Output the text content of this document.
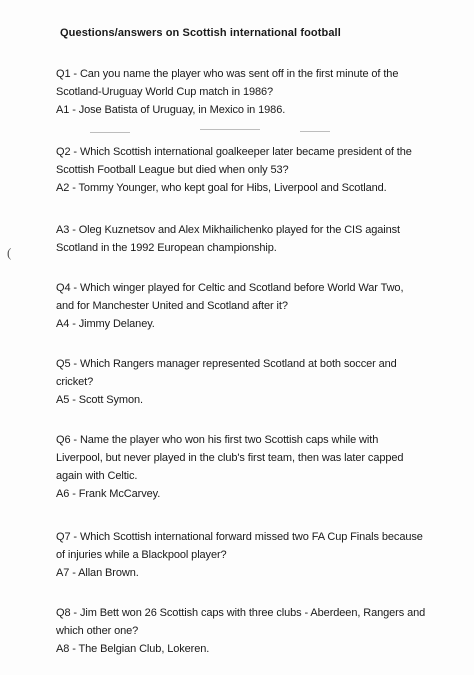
Questions/answers on Scottish international football
(
Q1 - Can you name the player who was sent off in the first minute of the
Scotland-Uruguay World Cup match in 1986?
A1 - Jose Batista of Uruguay, in Mexico in 1986.
Q2 - Which Scottish international goalkeeper later became president of the
Scottish Football League but died when only 53?
A2 - Tommy Younger, who kept goal for Hibs, Liverpool and Scotland.
A3 - Oleg Kuznetsov and Alex Mikhailichenko played for the CIS against
Scotland in the 1992 European championship.
Q4 - Which winger played for Celtic and Scotland before World War Two,
and for Manchester United and Scotland after it?
A4 - Jimmy Delaney.
Q5 - Which Rangers manager represented Scotland at both soccer and
cricket?
A5 - Scott Symon.
Q6 - Name the player who won his first two Scottish caps while with
Liverpool, but never played in the club's first team, then was later capped
again with Celtic.
A6 - Frank McCarvey.
Q7 - Which Scottish international forward missed two FA Cup Finals because
of injuries while a Blackpool player?
A7 - Allan Brown.
Q8 - Jim Bett won 26 Scottish caps with three clubs - Aberdeen, Rangers and
which other one?
A8 - The Belgian Club, Lokeren.
